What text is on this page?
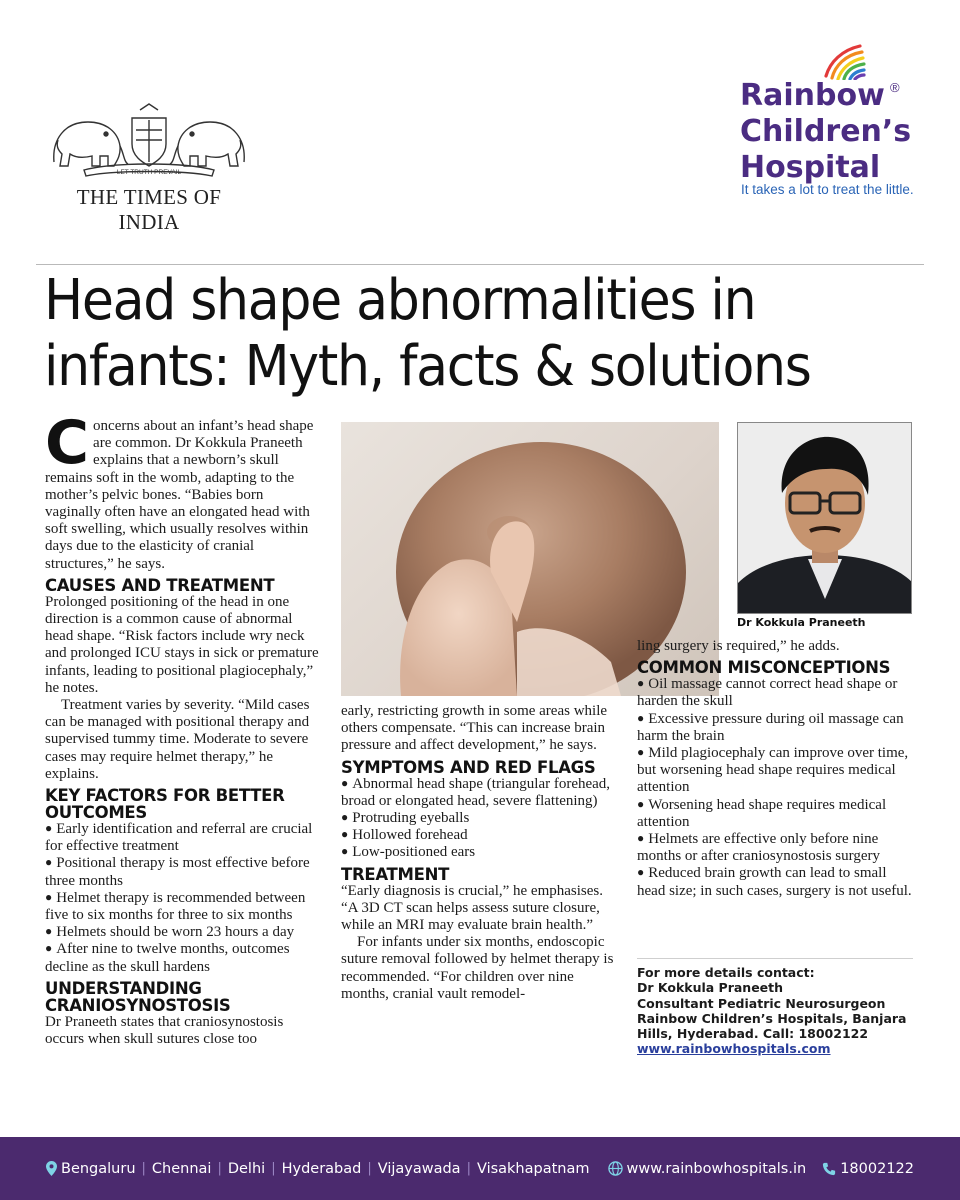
LET TRUTH PREVAIL
THE TIMES OF INDIA
®
Rainbow
Children’s
Hospital
It takes a lot to treat the little.
Head shape abnormalities in
infants: Myth, facts & solutions

Concerns about an infant’s head shape are common. Dr Kokkula Praneeth explains that a newborn’s skull remains soft in the womb, adapting to the mother’s pelvic bones. “Babies born vaginally often have an elongated head with soft swelling, which usually resolves within days due to the elasticity of cranial structures,” he says.

CAUSES AND TREATMENT

Prolonged positioning of the head in one direction is a common cause of abnormal head shape. “Risk factors include wry neck and prolonged ICU stays in sick or premature infants, leading to positional plagiocephaly,” he notes.

Treatment varies by severity. “Mild cases can be managed with positional therapy and supervised tummy time. Moderate to severe cases may require helmet therapy,” he explains.

KEY FACTORS FOR BETTER OUTCOMES
● Early identification and referral are crucial for effective treatment
● Positional therapy is most effective before three months
● Helmet therapy is recommended between five to six months for three to six months
● Helmets should be worn 23 hours a day
● After nine to twelve months, outcomes decline as the skull hardens
UNDERSTANDING CRANIOSYNOSTOSIS

Dr Praneeth states that craniosynostosis occurs when skull sutures close too

Dr Kokkula Praneeth

early, restricting growth in some areas while others compensate. “This can increase brain pressure and affect development,” he says.

SYMPTOMS AND RED FLAGS
● Abnormal head shape (triangular forehead, broad or elongated head, severe flattening)
● Protruding eyeballs
● Hollowed forehead
● Low-positioned ears
TREATMENT

“Early diagnosis is crucial,” he emphasises. “A 3D CT scan helps assess suture closure, while an MRI may evaluate brain health.”

For infants under six months, endoscopic suture removal followed by helmet therapy is recommended. “For children over nine months, cranial vault remodel-

ling surgery is required,” he adds.

COMMON MISCONCEPTIONS
● Oil massage cannot correct head shape or harden the skull
● Excessive pressure during oil massage can harm the brain
● Mild plagiocephaly can improve over time, but worsening head shape requires medical attention
● Worsening head shape requires medical attention
● Helmets are effective only before nine months or after craniosynostosis surgery
● Reduced brain growth can lead to small head size; in such cases, surgery is not useful.
For more details contact:
Dr Kokkula Praneeth
Consultant Pediatric Neurosurgeon
Rainbow Children’s Hospitals, Banjara Hills, Hyderabad. Call: 18002122
www.rainbowhospitals.com
Bengaluru | Chennai | Delhi | Hyderabad | Vijayawada | Visakhapatnam	www.rainbowhospitals.in 18002122
